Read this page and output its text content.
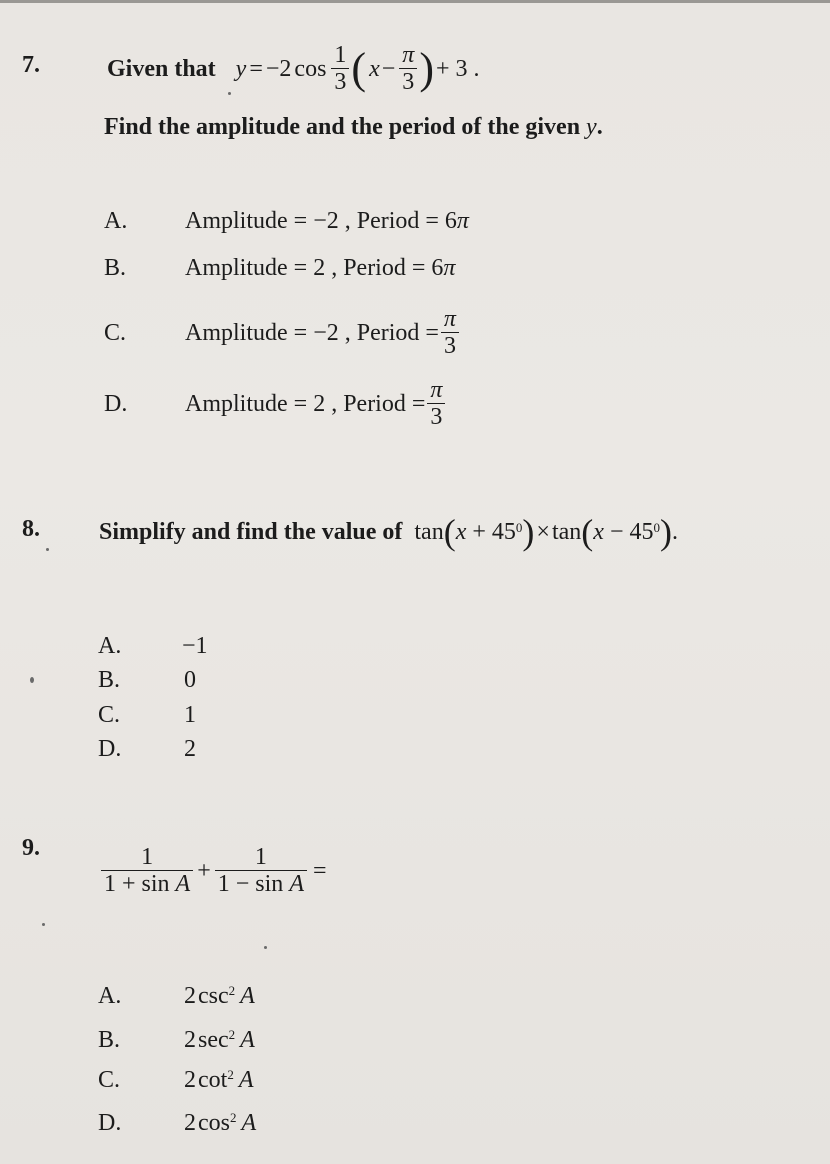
7.	Given that y = −2 $\cos \frac{1}{3}$ ( $x - \frac{\pi}{3}$ ) + 3 .
Find the amplitude and the period of the given y.
A.	Amplitude = −2 , Period = 6 π
B.	Amplitude = 2 , Period = 6 π
C.	Amplitude = −2 , Period = $\frac{\pi}{3}$
D.	Amplitude = 2 , Period = $\frac{\pi}{3}$
8. Simplify and find the value of tan ( $x + 45^0$ ) × tan ( $x - 45^0$ ) .
A.	−1
B.	0
C.	1
D.	2
9.	$\frac{1}{\text{1 + sin A}} + \frac{1}{\text{1 − sin A}}$ =
A.	2 csc 2 A
B.	2 sec 2 A
C.	2 cot 2 A
D.	2 cos 2 A
